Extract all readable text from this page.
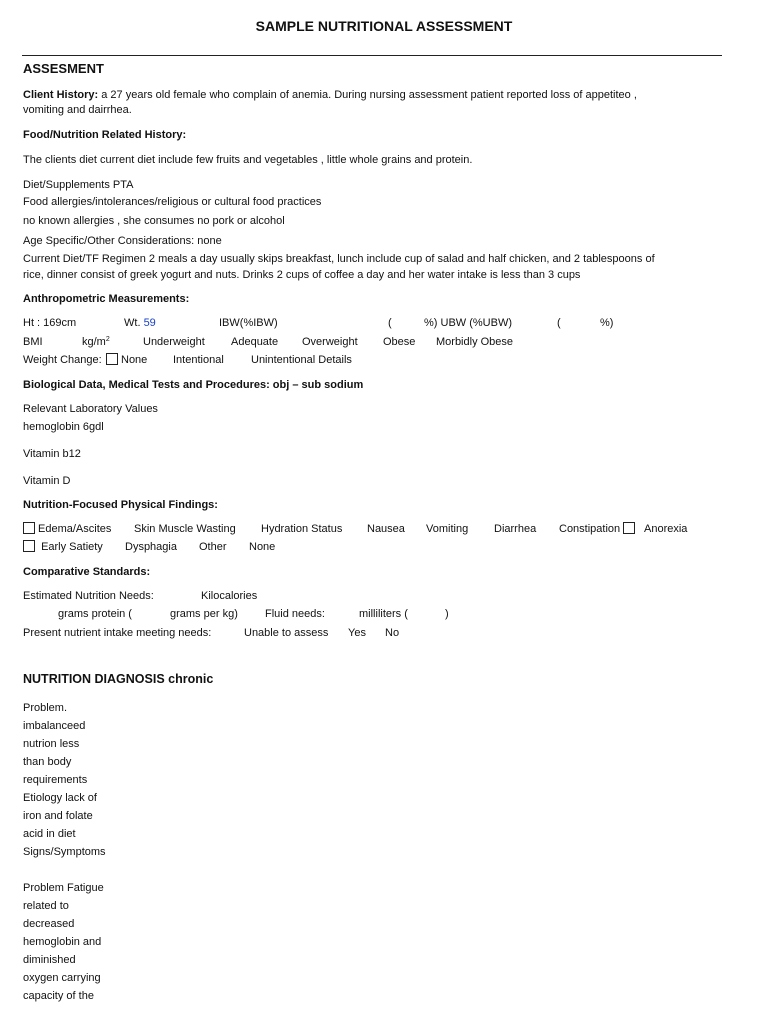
SAMPLE NUTRITIONAL ASSESSMENT
ASSESMENT
Client History: a 27 years old female who complain of anemia. During nursing assessment patient reported loss of appetiteo ,
vomiting and dairrhea.
Food/Nutrition Related History:
The clients diet current diet include few fruits and vegetables , little whole grains and protein.
Diet/Supplements PTA
Food allergies/intolerances/religious or cultural food practices
no known allergies , she consumes no pork or alcohol
Age Specific/Other Considerations: none
Current Diet/TF Regimen 2 meals a day usually skips breakfast, lunch include cup of salad and half chicken, and 2 tablespoons of
rice, dinner consist of greek yogurt and nuts. Drinks 2 cups of coffee a day and her water intake is less than 3 cups
Anthropometric Measurements:
Ht : 169cm	Wt. 59	IBW(%IBW)	(	%) UBW (%UBW)	(	%)
BMI	$kg/m^2$	Underweight Adequate Overweight Obese Morbidly Obese
Weight Change:	None Intentional Unintentional Details
Biological Data, Medical Tests and Procedures: obj – sub sodium
Relevant Laboratory Values
hemoglobin 6gdl
Vitamin b12
Vitamin D
Nutrition-Focused Physical Findings:
Edema/Ascites Skin Muscle Wasting Hydration Status Nausea Vomiting Diarrhea Constipation	Anorexia
Early Satiety Dysphagia Other None
Comparative Standards:
Estimated Nutrition Needs:	Kilocalories
grams protein (	grams per kg) Fluid needs:	milliliters (	)
Present nutrient intake meeting needs:	Unable to assess Yes No
NUTRITION DIAGNOSIS chronic
Problem.
imbalanceed
nutrion less
than body
requirements
Etiology lack of
iron and folate
acid in diet
Signs/Symptoms
Problem Fatigue
related to
decreased
hemoglobin and
diminished
oxygen carrying
capacity of the
